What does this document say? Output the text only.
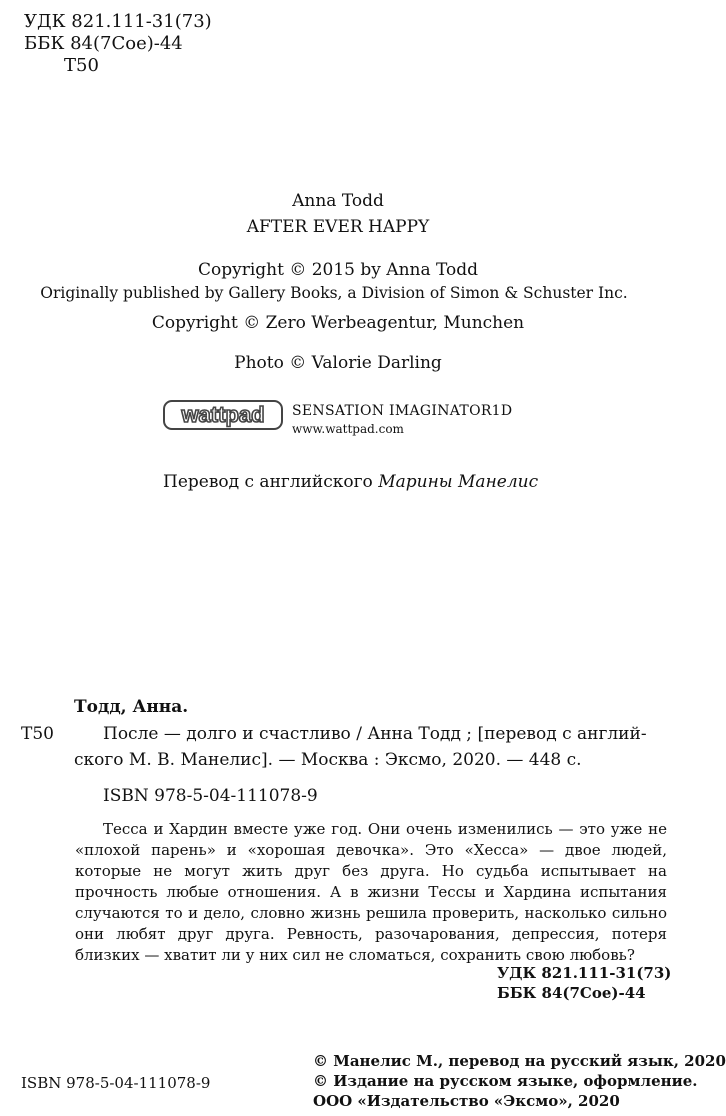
УДК 821.111-31(73)
ББК 84(7Сое)-44
Т50
Anna Todd
AFTER EVER HAPPY
Copyright © 2015 by Anna Todd
Originally published by Gallery Books, a Division of Simon & Schuster Inc.
Copyright © Zero Werbeagentur, Munchen
Photo © Valorie Darling
wattpad SENSATION IMAGINATOR1D
www.wattpad.com
Перевод с английского Марины Манелис
Тодд, Анна.
Т50	После — долго и счастливо / Анна Тодд ; [перевод с англий-
ского М. В. Манелис]. — Москва : Эксмо, 2020. — 448 с.
ISBN 978-5-04-111078-9

Тесса и Хардин вместе уже год. Они очень изменились — это уже не «плохой парень» и «хорошая девочка». Это «Хесса» — двое людей, которые не могут жить друг без друга. Но судьба испытывает на прочность любые отношения. А в жизни Тессы и Хардина испытания случаются то и дело, словно жизнь решила проверить, насколько сильно они любят друг друга. Ревность, разочарования, депрессия, потеря близких — хватит ли у них сил не сломаться, сохранить свою любовь?

УДК 821.111-31(73)
ББК 84(7Сое)-44
ISBN 978-5-04-111078-9
© Манелис М., перевод на русский язык, 2020
© Издание на русском языке, оформление.
ООО «Издательство «Эксмо», 2020
